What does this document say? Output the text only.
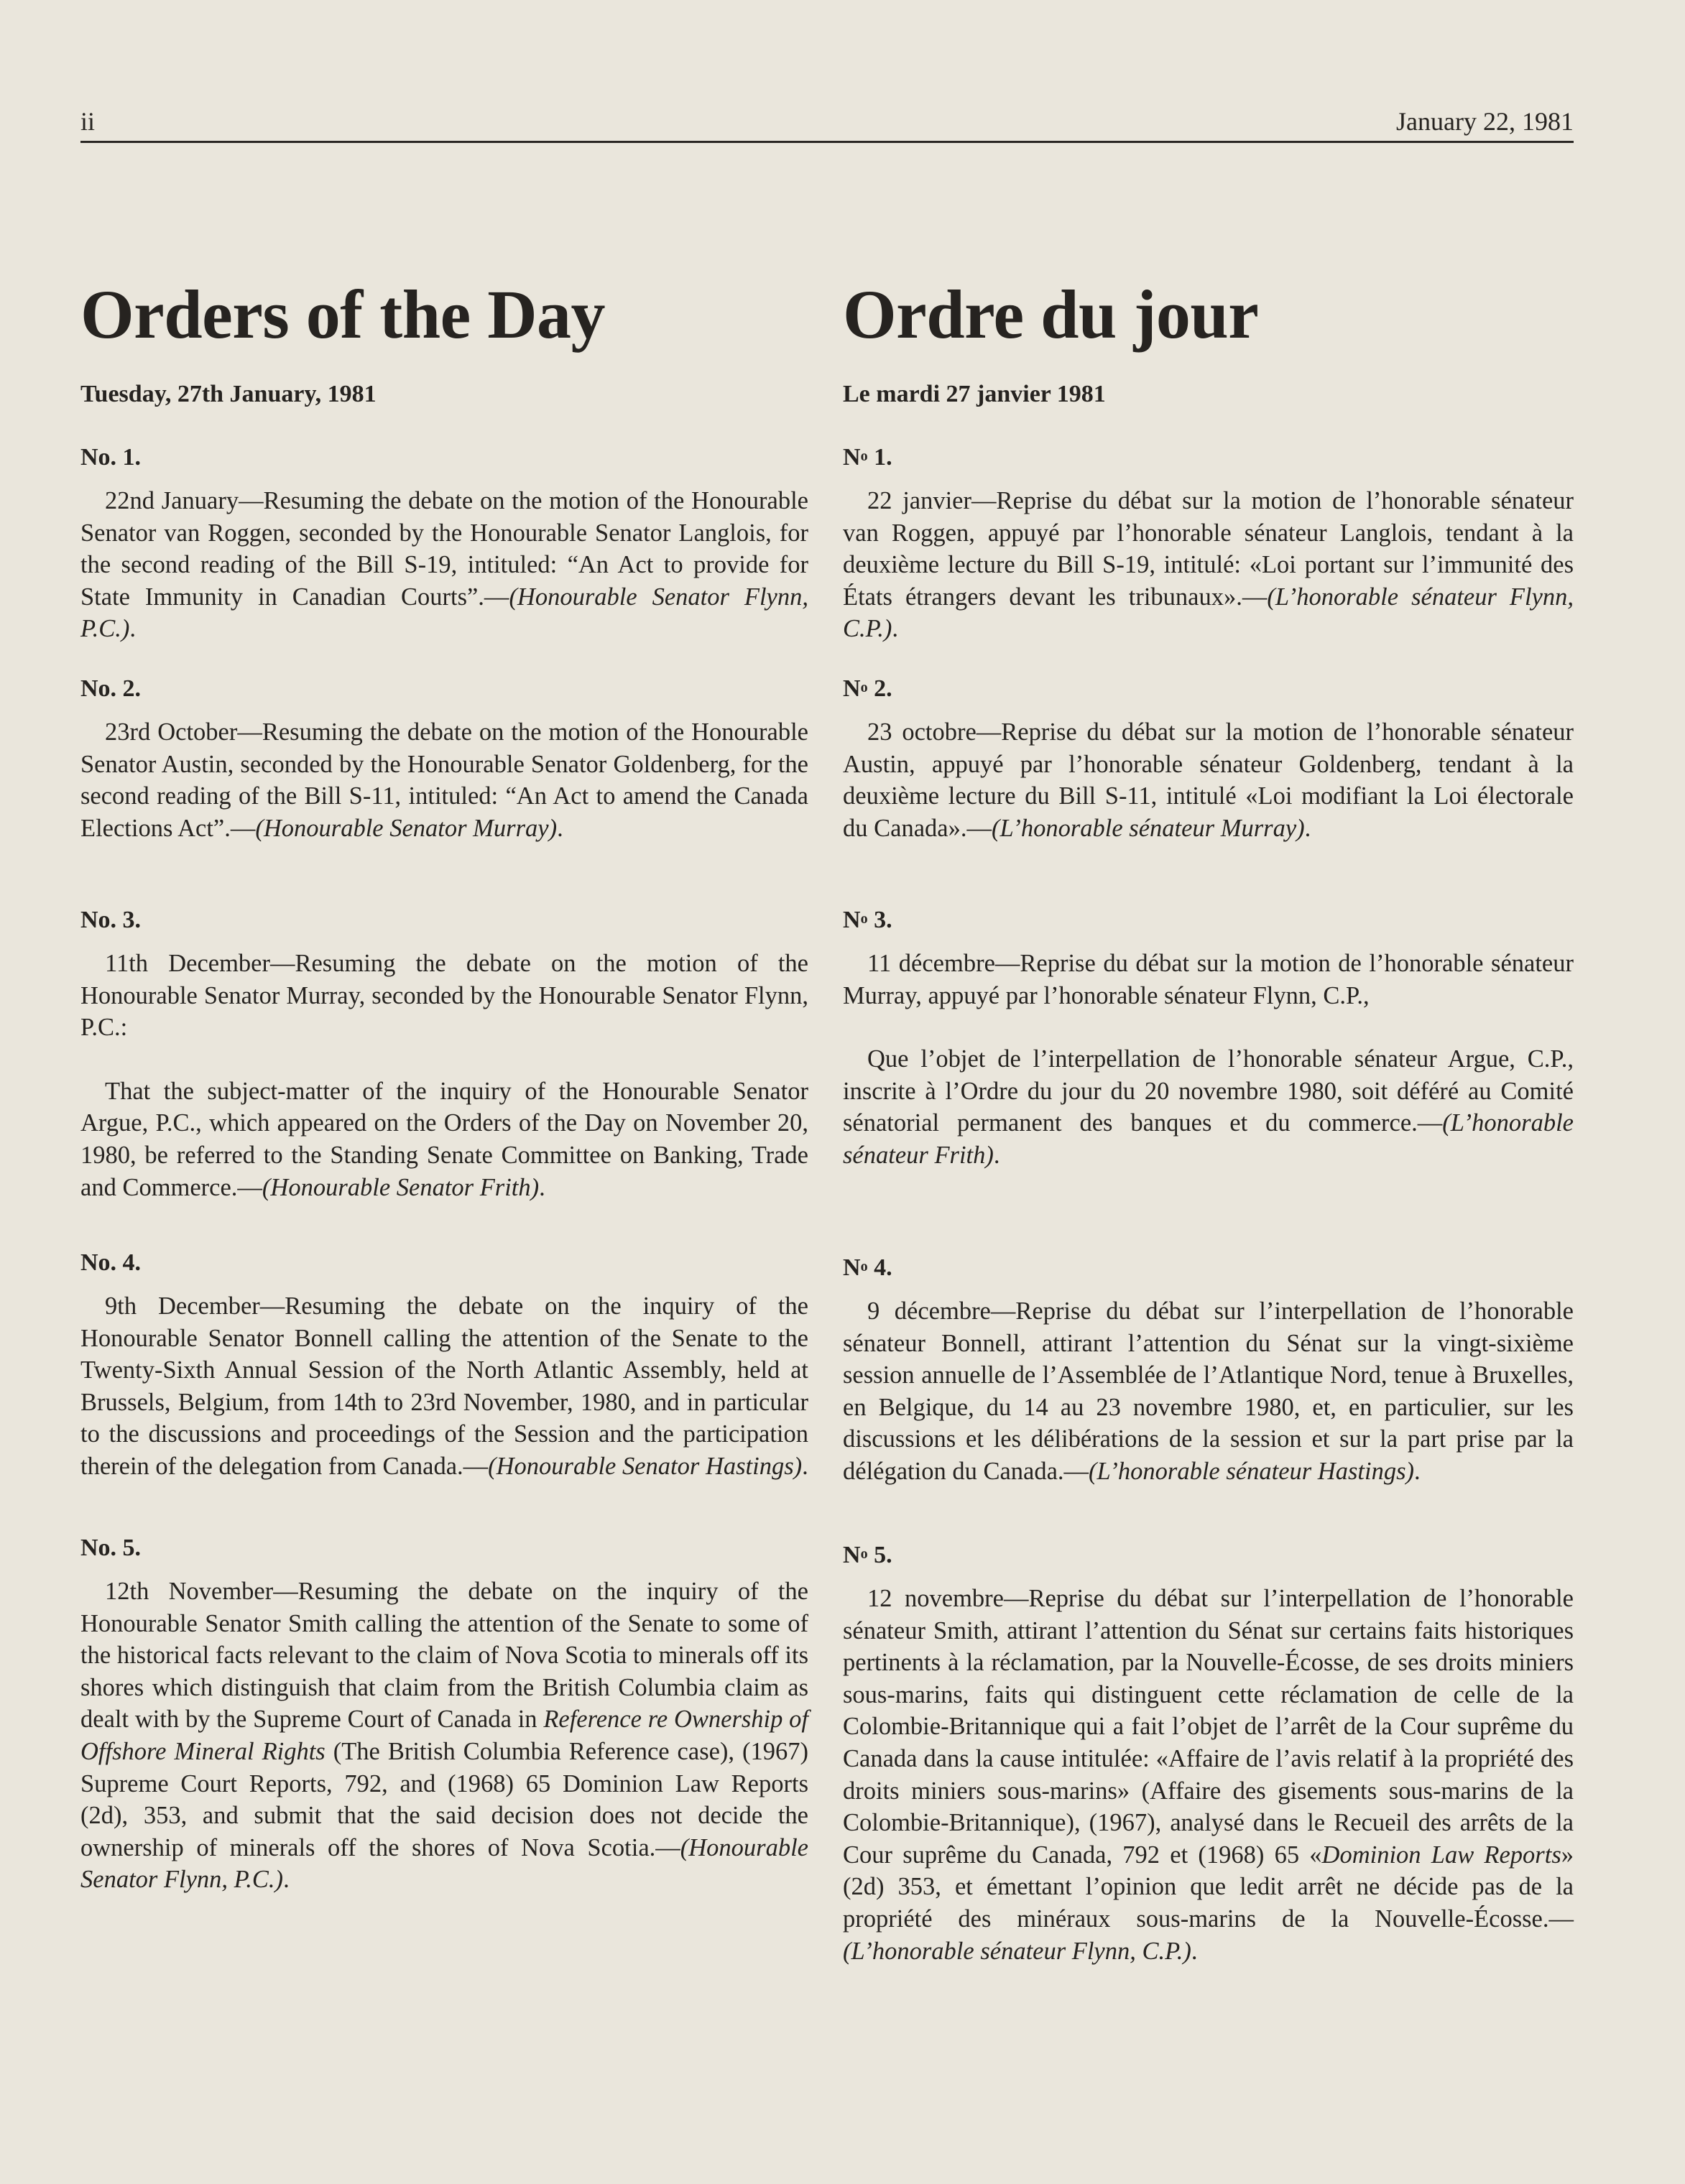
ii	January 22, 1981
Orders of the Day
Tuesday, 27th January, 1981
No. 1.

22nd January—Resuming the debate on the motion of the Honourable Senator van Roggen, seconded by the Honourable Senator Langlois, for the second reading of the Bill S-19, intituled: “An Act to provide for State Immunity in Canadian Courts”.—(Honourable Senator Flynn, P.C.).

No. 2.

23rd October—Resuming the debate on the motion of the Honourable Senator Austin, seconded by the Honourable Senator Goldenberg, for the second reading of the Bill S-11, intituled: “An Act to amend the Canada Elections Act”.—(Honourable Senator Murray).

No. 3.

11th December—Resuming the debate on the motion of the Honourable Senator Murray, seconded by the Honourable Senator Flynn, P.C.:

That the subject-matter of the inquiry of the Honourable Senator Argue, P.C., which appeared on the Orders of the Day on November 20, 1980, be referred to the Standing Senate Committee on Banking, Trade and Commerce.—(Honourable Senator Frith).

No. 4.

9th December—Resuming the debate on the inquiry of the Honourable Senator Bonnell calling the attention of the Senate to the Twenty-Sixth Annual Session of the North Atlantic Assembly, held at Brussels, Belgium, from 14th to 23rd November, 1980, and in particular to the discussions and proceedings of the Session and the participation therein of the delegation from Canada.—(Honourable Senator Hastings).

No. 5.

12th November—Resuming the debate on the inquiry of the Honourable Senator Smith calling the attention of the Senate to some of the historical facts relevant to the claim of Nova Scotia to minerals off its shores which distinguish that claim from the British Columbia claim as dealt with by the Supreme Court of Canada in Reference re Ownership of Offshore Mineral Rights (The British Columbia Reference case), (1967) Supreme Court Reports, 792, and (1968) 65 Dominion Law Reports (2d), 353, and submit that the said decision does not decide the ownership of minerals off the shores of Nova Scotia.—(Honourable Senator Flynn, P.C.).

Ordre du jour
Le mardi 27 janvier 1981
$N^o$ 1.

22 janvier—Reprise du débat sur la motion de l’honorable sénateur van Roggen, appuyé par l’honorable sénateur Langlois, tendant à la deuxième lecture du Bill S-19, intitulé: «Loi portant sur l’immunité des États étrangers devant les tribunaux».—(L’honorable sénateur Flynn, C.P.).

$N^o$ 2.

23 octobre—Reprise du débat sur la motion de l’honorable sénateur Austin, appuyé par l’honorable sénateur Goldenberg, tendant à la deuxième lecture du Bill S-11, intitulé «Loi modifiant la Loi électorale du Canada».—(L’honorable sénateur Murray).

$N^o$ 3.

11 décembre—Reprise du débat sur la motion de l’honorable sénateur Murray, appuyé par l’honorable sénateur Flynn, C.P.,

Que l’objet de l’interpellation de l’honorable sénateur Argue, C.P., inscrite à l’Ordre du jour du 20 novembre 1980, soit déféré au Comité sénatorial permanent des banques et du commerce.—(L’honorable sénateur Frith).

$N^o$ 4.

9 décembre—Reprise du débat sur l’interpellation de l’honorable sénateur Bonnell, attirant l’attention du Sénat sur la vingt-sixième session annuelle de l’Assemblée de l’Atlantique Nord, tenue à Bruxelles, en Belgique, du 14 au 23 novembre 1980, et, en particulier, sur les discussions et les délibérations de la session et sur la part prise par la délégation du Canada.—(L’honorable sénateur Hastings).

$N^o$ 5.

12 novembre—Reprise du débat sur l’interpellation de l’honorable sénateur Smith, attirant l’attention du Sénat sur certains faits historiques pertinents à la réclamation, par la Nouvelle-Écosse, de ses droits miniers sous-marins, faits qui distinguent cette réclamation de celle de la Colombie-Britannique qui a fait l’objet de l’arrêt de la Cour suprême du Canada dans la cause intitulée: «Affaire de l’avis relatif à la propriété des droits miniers sous-marins» (Affaire des gisements sous-marins de la Colombie-Britannique), (1967), analysé dans le Recueil des arrêts de la Cour suprême du Canada, 792 et (1968) 65 «Dominion Law Reports» (2d) 353, et émettant l’opinion que ledit arrêt ne décide pas de la propriété des minéraux sous-marins de la Nouvelle-Écosse.—(L’honorable sénateur Flynn, C.P.).
